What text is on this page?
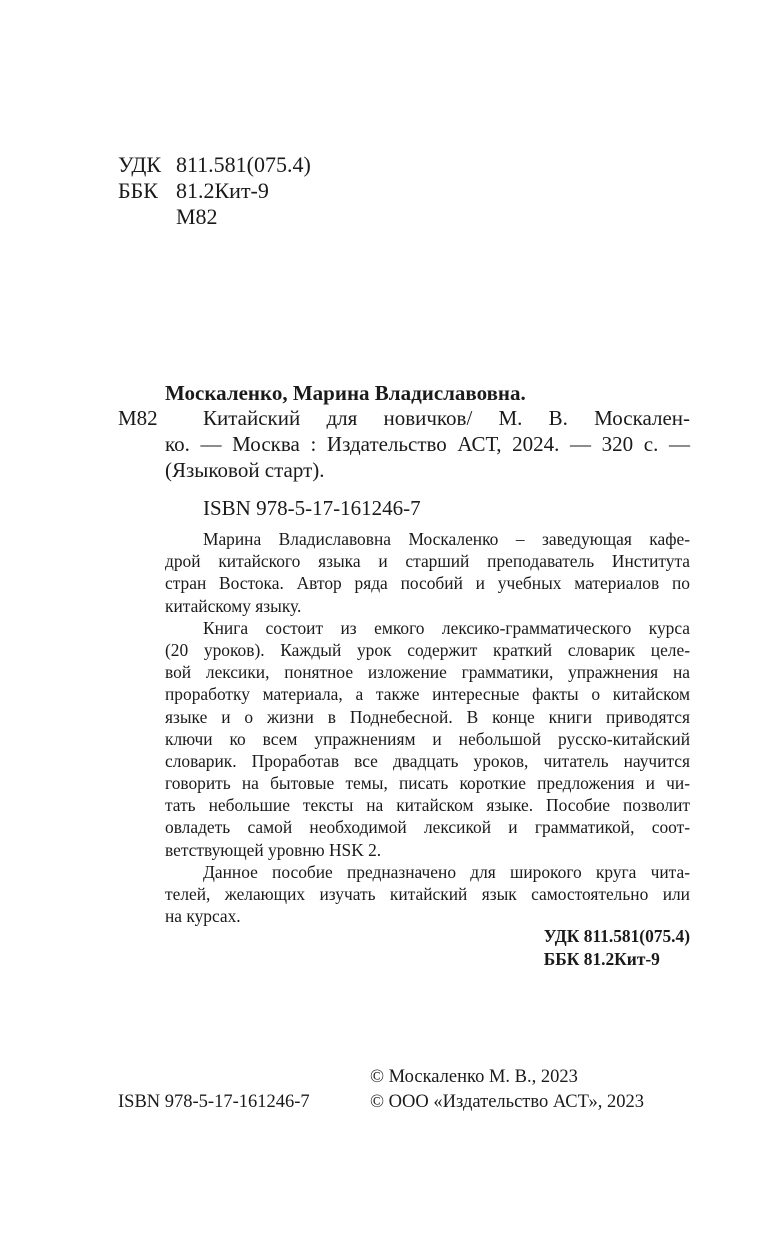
УДК 811.581(075.4)
ББК 81.2Кит-9
М82
Москаленко, Марина Владиславовна.
М82	Китайский для новичков/ М. В. Москален-
ко. — Москва : Издательство АСТ, 2024. — 320 с. —
(Языковой старт).
ISBN 978-5-17-161246-7
Марина Владиславовна Москаленко – заведующая кафе-
дрой китайского языка и старший преподаватель Института
стран Востока. Автор ряда пособий и учебных материалов по
китайскому языку.
Книга состоит из емкого лексико-грамматического курса
(20 уроков). Каждый урок содержит краткий словарик целе-
вой лексики, понятное изложение грамматики, упражнения на
проработку материала, а также интересные факты о китайском
языке и о жизни в Поднебесной. В конце книги приводятся
ключи ко всем упражнениям и небольшой русско-китайский
словарик. Проработав все двадцать уроков, читатель научится
говорить на бытовые темы, писать короткие предложения и чи-
тать небольшие тексты на китайском языке. Пособие позволит
овладеть самой необходимой лексикой и грамматикой, соот-
ветствующей уровню HSK 2.
Данное пособие предназначено для широкого круга чита-
телей, желающих изучать китайский язык самостоятельно или
на курсах.
УДК 811.581(075.4)
ББК 81.2Кит-9
© Москаленко М. В., 2023
ISBN 978-5-17-161246-7	© ООО «Издательство АСТ», 2023
